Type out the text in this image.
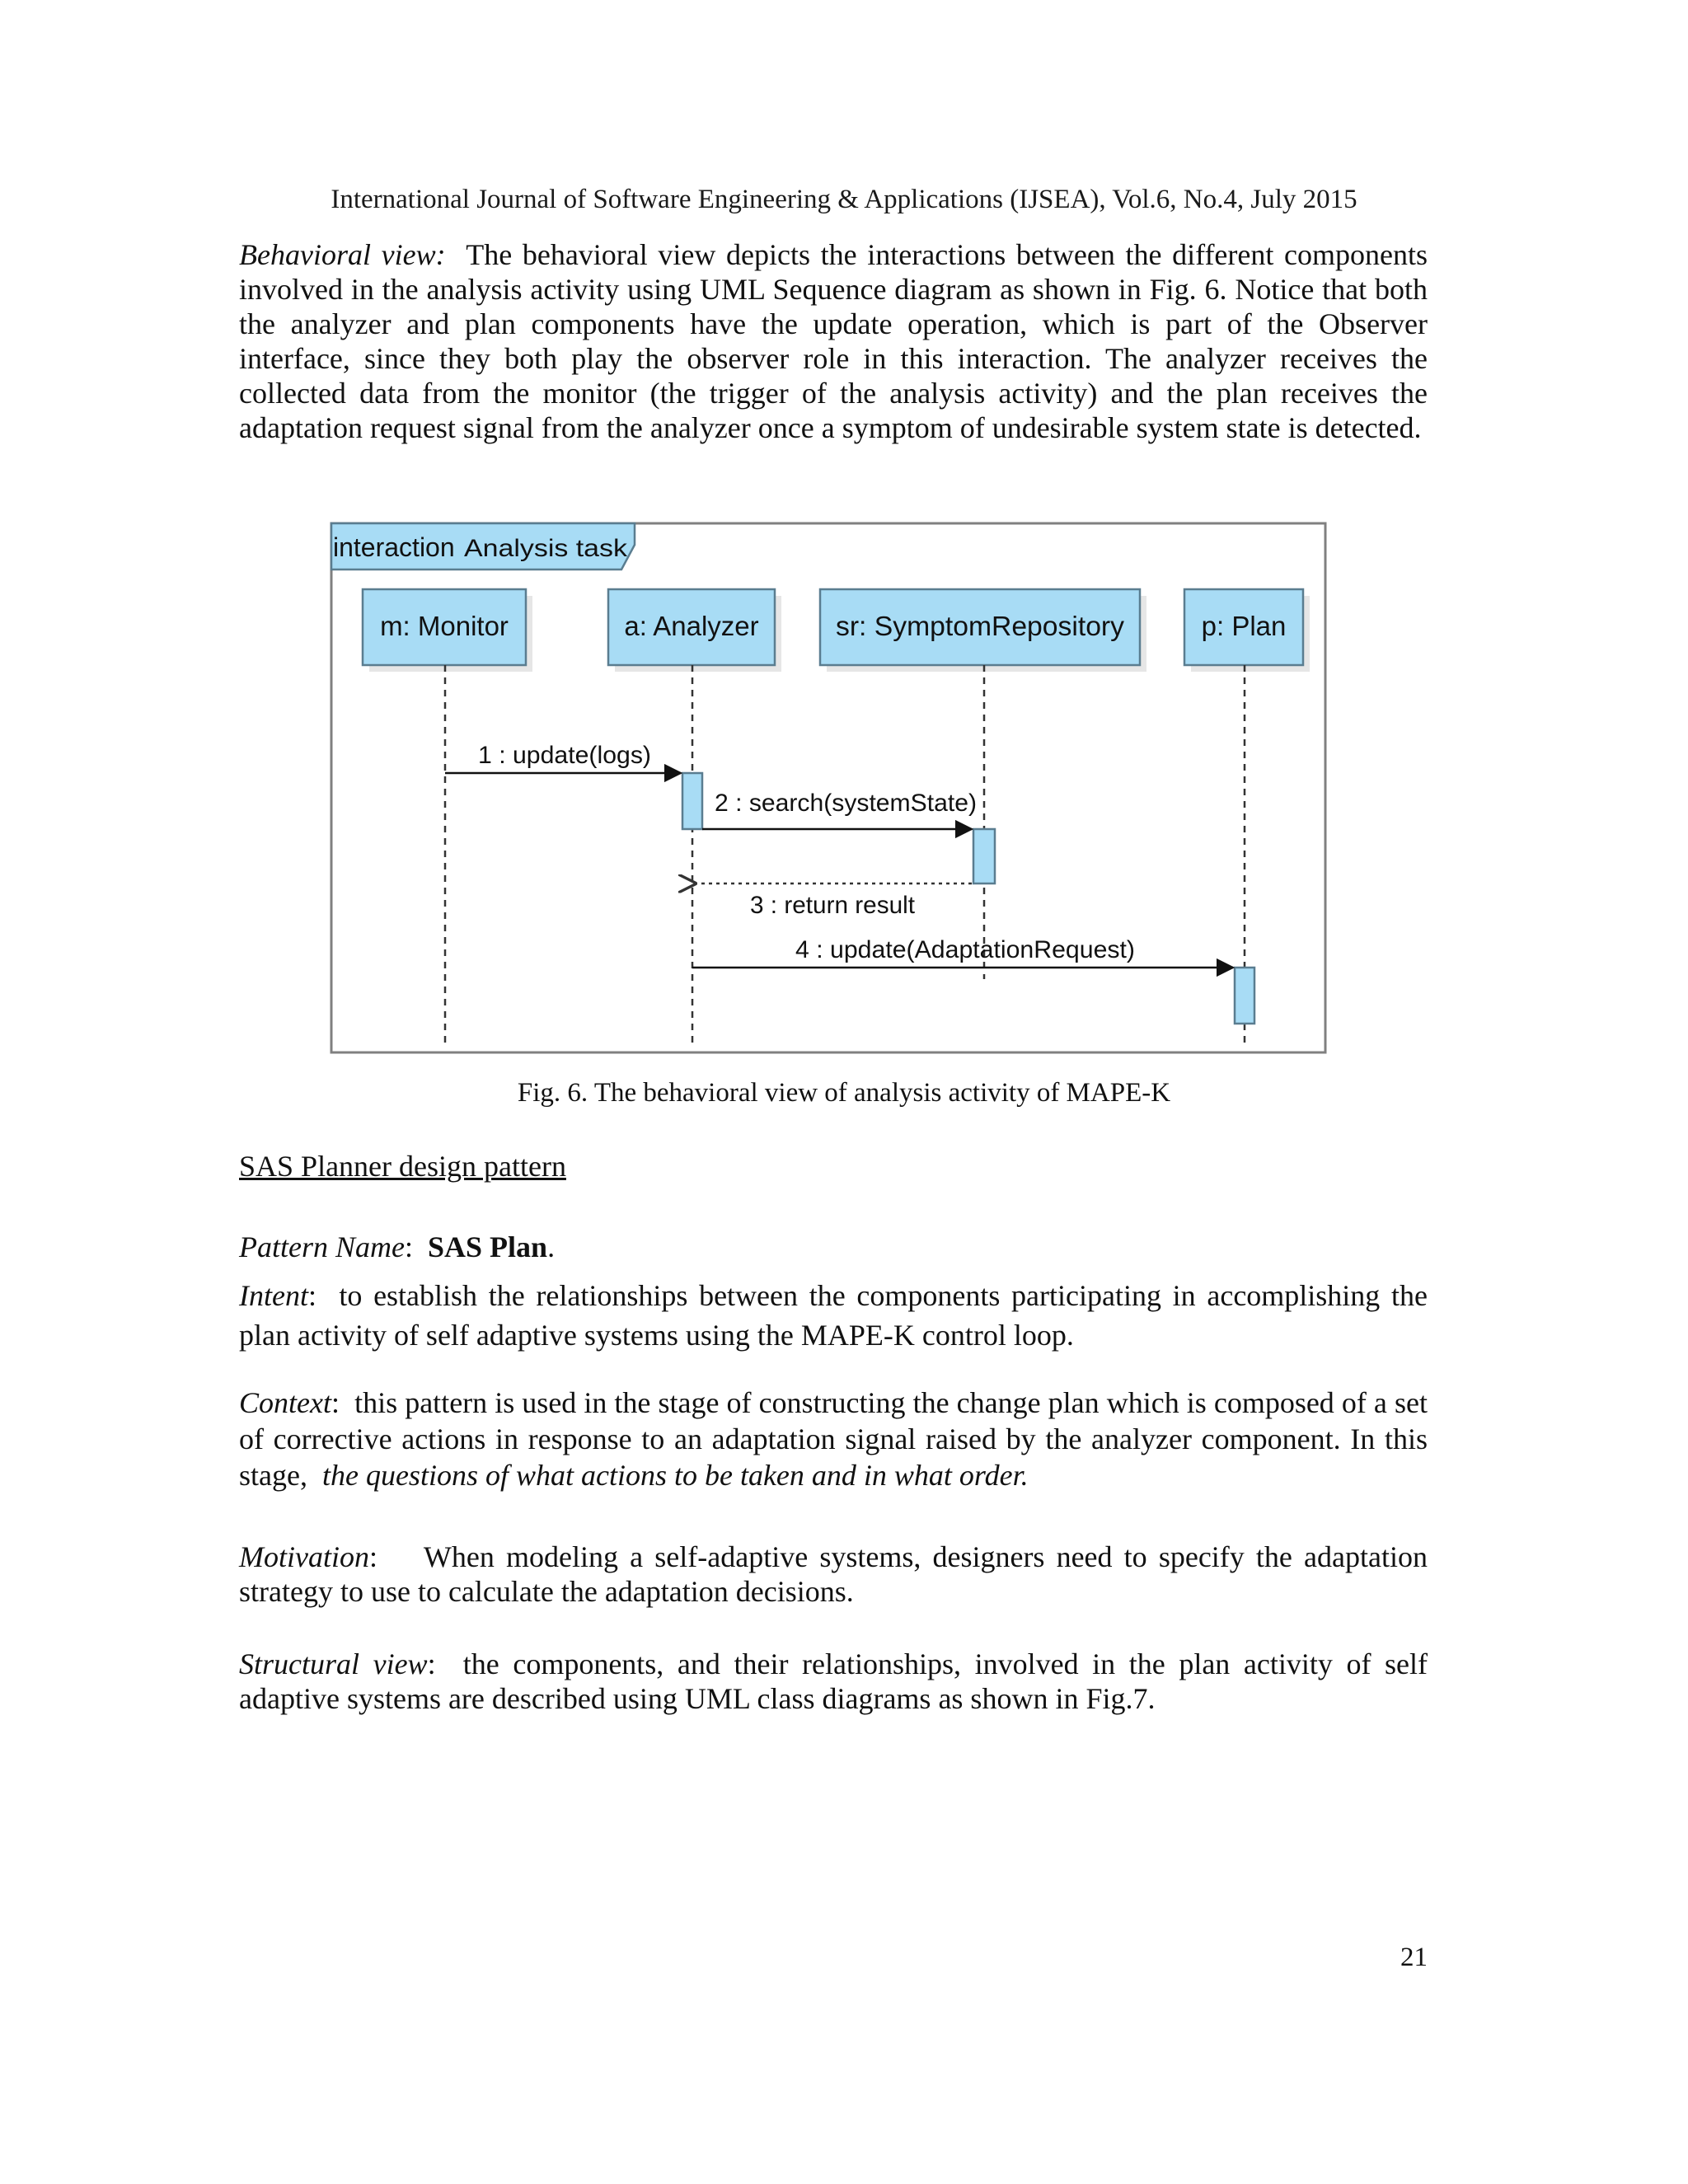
International Journal of Software Engineering & Applications (IJSEA), Vol.6, No.4, July 2015
Behavioral view: The behavioral view depicts the interactions between the different components involved in the analysis activity using UML Sequence diagram as shown in Fig. 6. Notice that both the analyzer and plan components have the update operation, which is part of the Observer interface, since they both play the observer role in this interaction. The analyzer receives the collected data from the monitor (the trigger of the analysis activity) and the plan receives the adaptation request signal from the analyzer once a symptom of undesirable system state is detected.
interaction Analysis task
m: Monitor	a: Analyzer	sr: SymptomRepository	p: Plan
1 : update(logs)
2 : search(systemState)
3 : return result
4 : update(AdaptationRequest)
Fig. 6. The behavioral view of analysis activity of MAPE-K
SAS Planner design pattern
Pattern Name:  SAS Plan.
Intent:  to establish the relationships between the components participating in accomplishing the plan activity of self adaptive systems using the MAPE-K control loop.
Context:  this pattern is used in the stage of constructing the change plan which is composed of a set of corrective actions in response to an adaptation signal raised by the analyzer component. In this stage, the questions of what actions to be taken and in what order.
Motivation:    When modeling a self-adaptive systems, designers need to specify the adaptation strategy to use to calculate the adaptation decisions.
Structural view:  the components, and their relationships, involved in the plan activity of self adaptive systems are described using UML class diagrams as shown in Fig.7.
21
